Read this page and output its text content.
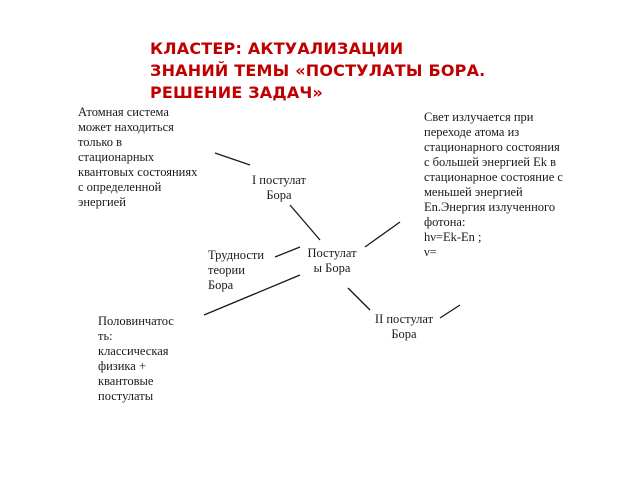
КЛАСТЕР: АКТУАЛИЗАЦИИ
ЗНАНИЙ ТЕМЫ «ПОСТУЛАТЫ БОРА.
РЕШЕНИЕ ЗАДАЧ»
Атомная система
может находиться
только в
стационарных
квантовых состояниях
с определенной
энергией
I постулат
Бора
Свет излучается при
переходе атома из
стационарного состояния
с большей энергией Еk в
стационарное состояние с
меньшей энергией
En.Энергия излученного
фотона:
hν=Ek-En ;
ν=
Трудности
теории
Бора
Постулат
ы Бора
II постулат
Бора
Половинчатос
ть:
классическая
физика +
квантовые
постулаты
